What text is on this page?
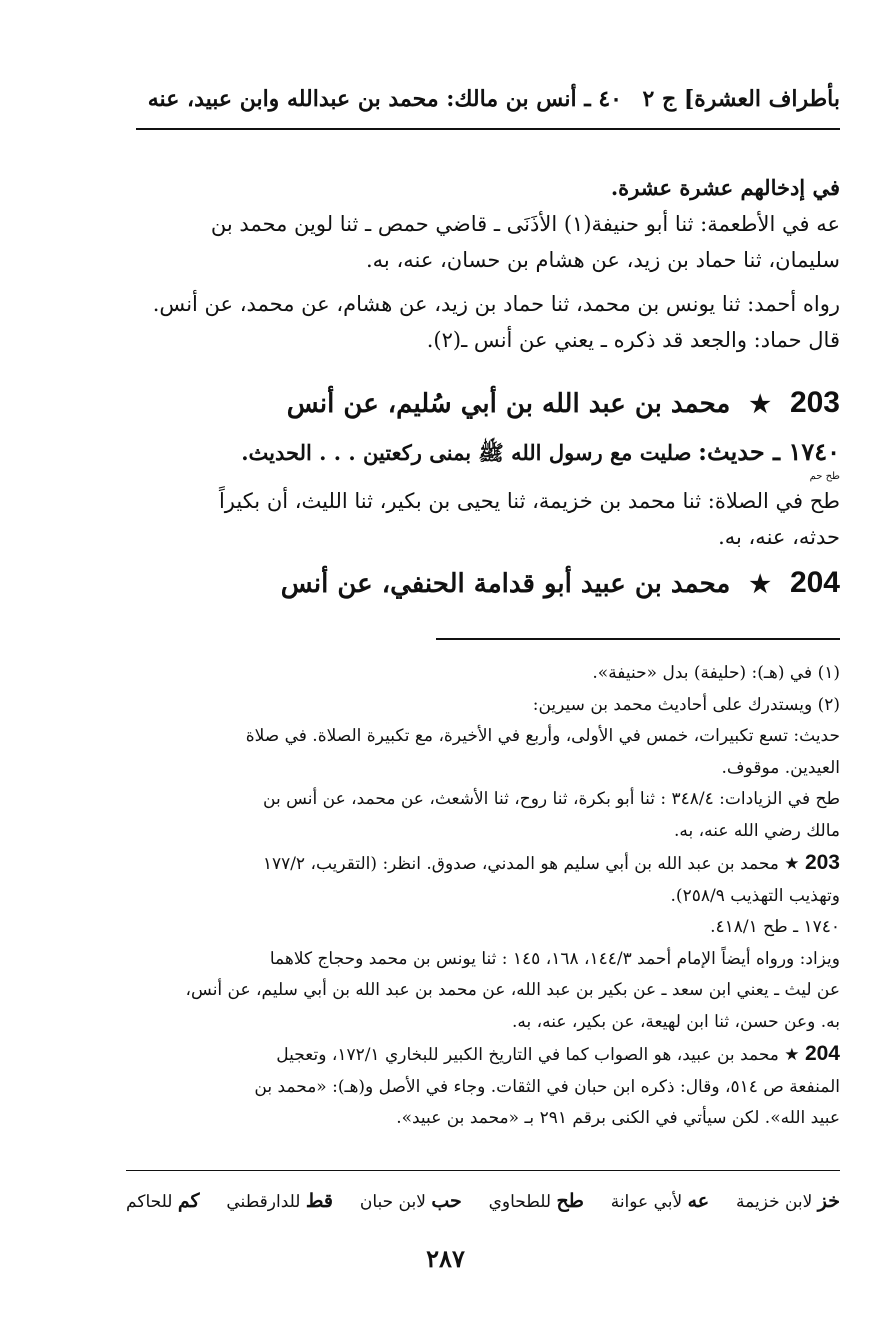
بأطراف العشرة] ج ٢
٤٠ ـ أنس بن مالك: محمد بن عبدالله وابن عبيد، عنه

في إدخالهم عشرة عشرة.

عه في الأطعمة: ثنا أبو حنيفة(١) الأذَنَى ـ قاضي حمص ـ ثنا لوين محمد بن

سليمان، ثنا حماد بن زيد، عن هشام بن حسان، عنه، به.

رواه أحمد: ثنا يونس بن محمد، ثنا حماد بن زيد، عن هشام، عن محمد، عن أنس.

قال حماد: والجعد قد ذكره ـ يعني عن أنس ـ(٢).

203 ★ محمد بن عبد الله بن أبي سُليم، عن أنس

١٧٤٠ ـ حديث: صليت مع رسول الله ﷺ بمنى ركعتين . . . الحديث.

طح حم

طح في الصلاة: ثنا محمد بن خزيمة، ثنا يحيى بن بكير، ثنا الليث، أن بكيراً

حدثه، عنه، به.

204 ★ محمد بن عبيد أبو قدامة الحنفي، عن أنس

(١) في (هـ): (حليفة) بدل «حنيفة».

(٢) ويستدرك على أحاديث محمد بن سيرين:

حديث: تسع تكبيرات، خمس في الأولى، وأربع في الأخيرة، مع تكبيرة الصلاة. في صلاة

العيدين. موقوف.

طح في الزيادات: ٣٤٨/٤ : ثنا أبو بكرة، ثنا روح، ثنا الأشعث، عن محمد، عن أنس بن

مالك رضي الله عنه، به.

203 ★ محمد بن عبد الله بن أبي سليم هو المدني، صدوق. انظر: (التقريب، ١٧٧/٢

وتهذيب التهذيب ٢٥٨/٩).

١٧٤٠ ـ طح ٤١٨/١.

ويزاد: ورواه أيضاً الإمام أحمد ١٤٤/٣، ١٦٨، ١٤٥ : ثنا يونس بن محمد وحجاج كلاهما

عن ليث ـ يعني ابن سعد ـ عن بكير بن عبد الله، عن محمد بن عبد الله بن أبي سليم، عن أنس،

به. وعن حسن، ثنا ابن لهيعة، عن بكير، عنه، به.

204 ★ محمد بن عبيد، هو الصواب كما في التاريخ الكبير للبخاري ١٧٢/١، وتعجيل

المنفعة ص ٥١٤، وقال: ذكره ابن حبان في الثقات. وجاء في الأصل و(هـ): «محمد بن

عبيد الله». لكن سيأتي في الكنى برقم ٢٩١ بـ «محمد بن عبيد».

خز لابن خزيمة
عه لأبي عوانة
طح للطحاوي
حب لابن حبان
قط للدارقطني
كم للحاكم
٢٨٧
